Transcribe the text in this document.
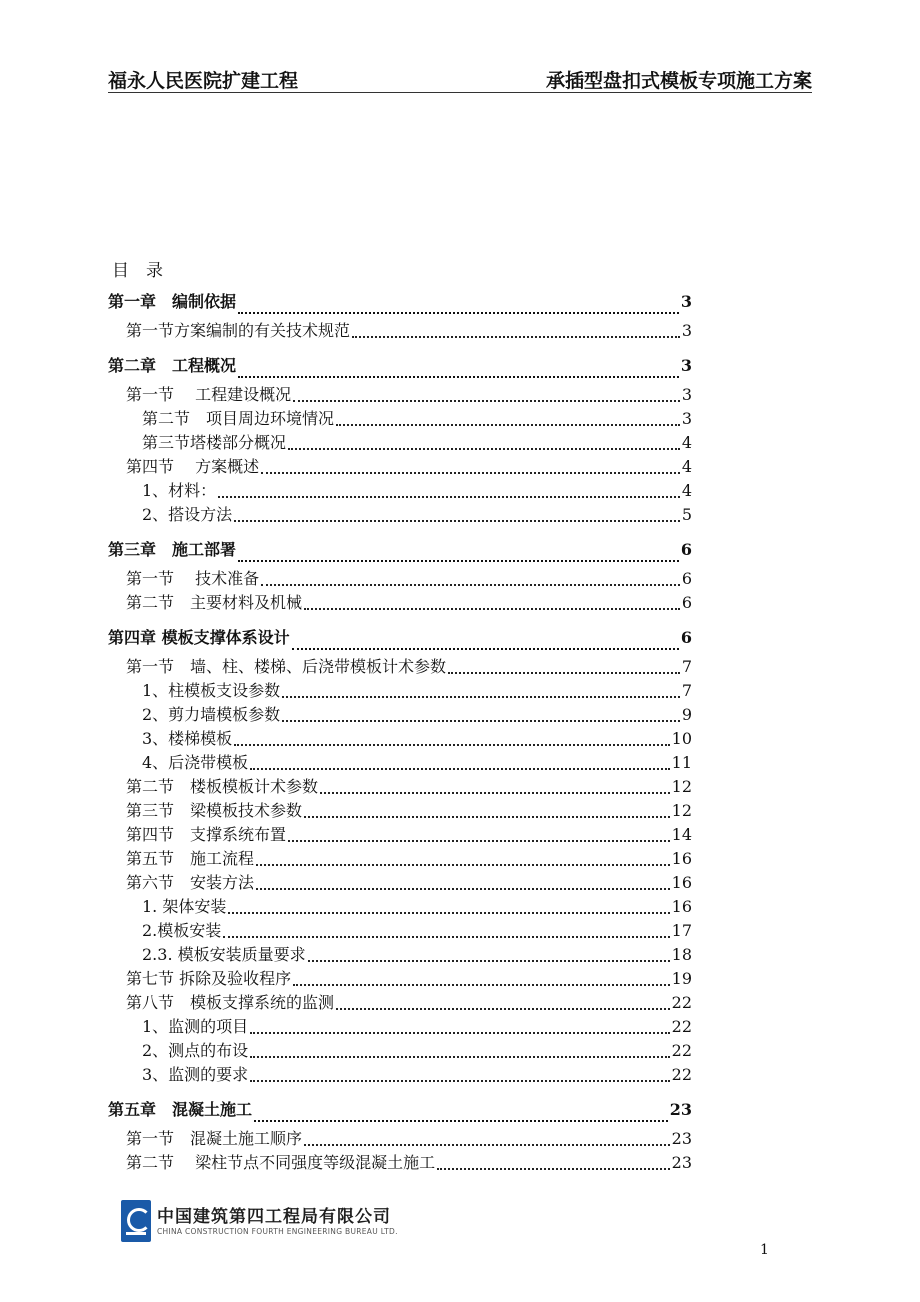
福永人民医院扩建工程	承插型盘扣式模板专项施工方案
目　录
第一章　编制依据	3
第一节方案编制的有关技术规范	3
第二章　工程概况	3
第一节　 工程建设概况	3
第二节　项目周边环境情况	3
第三节塔楼部分概况	4
第四节　 方案概述	4
1、材料：	4
2、搭设方法	5
第三章　施工部署	6
第一节　 技术准备	6
第二节　主要材料及机械	6
第四章 模板支撑体系设计	6
第一节　墙、柱、楼梯、后浇带模板计术参数	7
1、柱模板支设参数	7
2、剪力墙模板参数	9
3、楼梯模板	10
4、后浇带模板	11
第二节　楼板模板计术参数	12
第三节　梁模板技术参数	12
第四节　支撑系统布置	14
第五节　施工流程	16
第六节　安装方法	16
1. 架体安装	16
2.模板安装	17
2.3. 模板安装质量要求	18
第七节 拆除及验收程序	19
第八节　模板支撑系统的监测	22
1、监测的项目	22
2、测点的布设	22
3、监测的要求	22
第五章　混凝土施工	23
第一节　混凝土施工顺序	23
第二节　 梁柱节点不同强度等级混凝土施工	23
中国建筑第四工程局有限公司
CHINA CONSTRUCTION FOURTH ENGINEERING BUREAU LTD.
1
